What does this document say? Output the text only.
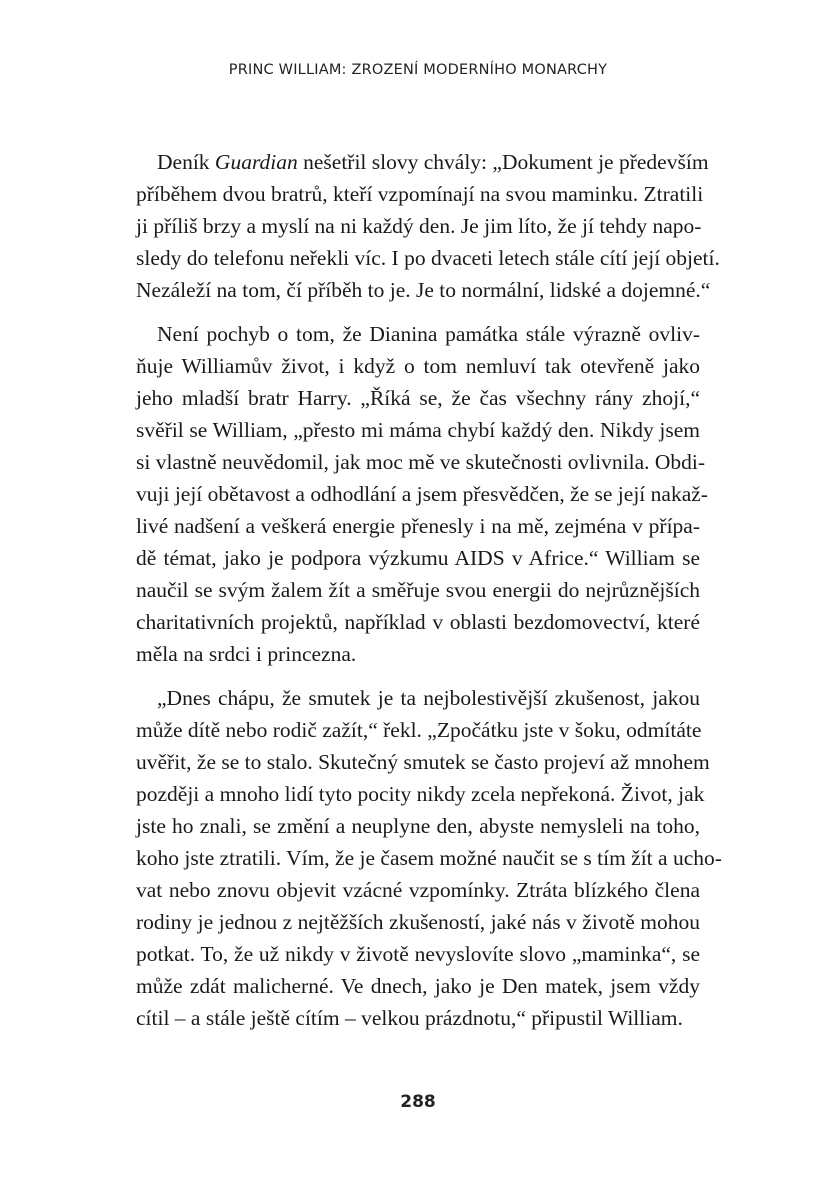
PRINC WILLIAM: ZROZENÍ MODERNÍHO MONARCHY
Deník Guardian nešetřil slovy chvály: „Dokument je především
příběhem dvou bratrů, kteří vzpomínají na svou maminku. Ztratili
ji příliš brzy a myslí na ni každý den. Je jim líto, že jí tehdy napo-
sledy do telefonu neřekli víc. I po dvaceti letech stále cítí její objetí.
Nezáleží na tom, čí příběh to je. Je to normální, lidské a dojemné.“
Není pochyb o tom, že Dianina památka stále výrazně ovliv-
ňuje Williamův život, i když o tom nemluví tak otevřeně jako
jeho mladší bratr Harry. „Říká se, že čas všechny rány zhojí,“
svěřil se William, „přesto mi máma chybí každý den. Nikdy jsem
si vlastně neuvědomil, jak moc mě ve skutečnosti ovlivnila. Obdi-
vuji její obětavost a odhodlání a jsem přesvědčen, že se její nakaž-
livé nadšení a veškerá energie přenesly i na mě, zejména v přípa-
dě témat, jako je podpora výzkumu AIDS v Africe.“ William se
naučil se svým žalem žít a směřuje svou energii do nejrůznějších
charitativních projektů, například v oblasti bezdomovectví, které
měla na srdci i princezna.
„Dnes chápu, že smutek je ta nejbolestivější zkušenost, jakou
může dítě nebo rodič zažít,“ řekl. „Zpočátku jste v šoku, odmítáte
uvěřit, že se to stalo. Skutečný smutek se často projeví až mnohem
později a mnoho lidí tyto pocity nikdy zcela nepřekoná. Život, jak
jste ho znali, se změní a neuplyne den, abyste nemysleli na toho,
koho jste ztratili. Vím, že je časem možné naučit se s tím žít a ucho-
vat nebo znovu objevit vzácné vzpomínky. Ztráta blízkého člena
rodiny je jednou z nejtěžších zkušeností, jaké nás v životě mohou
potkat. To, že už nikdy v životě nevyslovíte slovo „maminka“, se
může zdát malicherné. Ve dnech, jako je Den matek, jsem vždy
cítil – a stále ještě cítím – velkou prázdnotu,“ připustil William.
288
